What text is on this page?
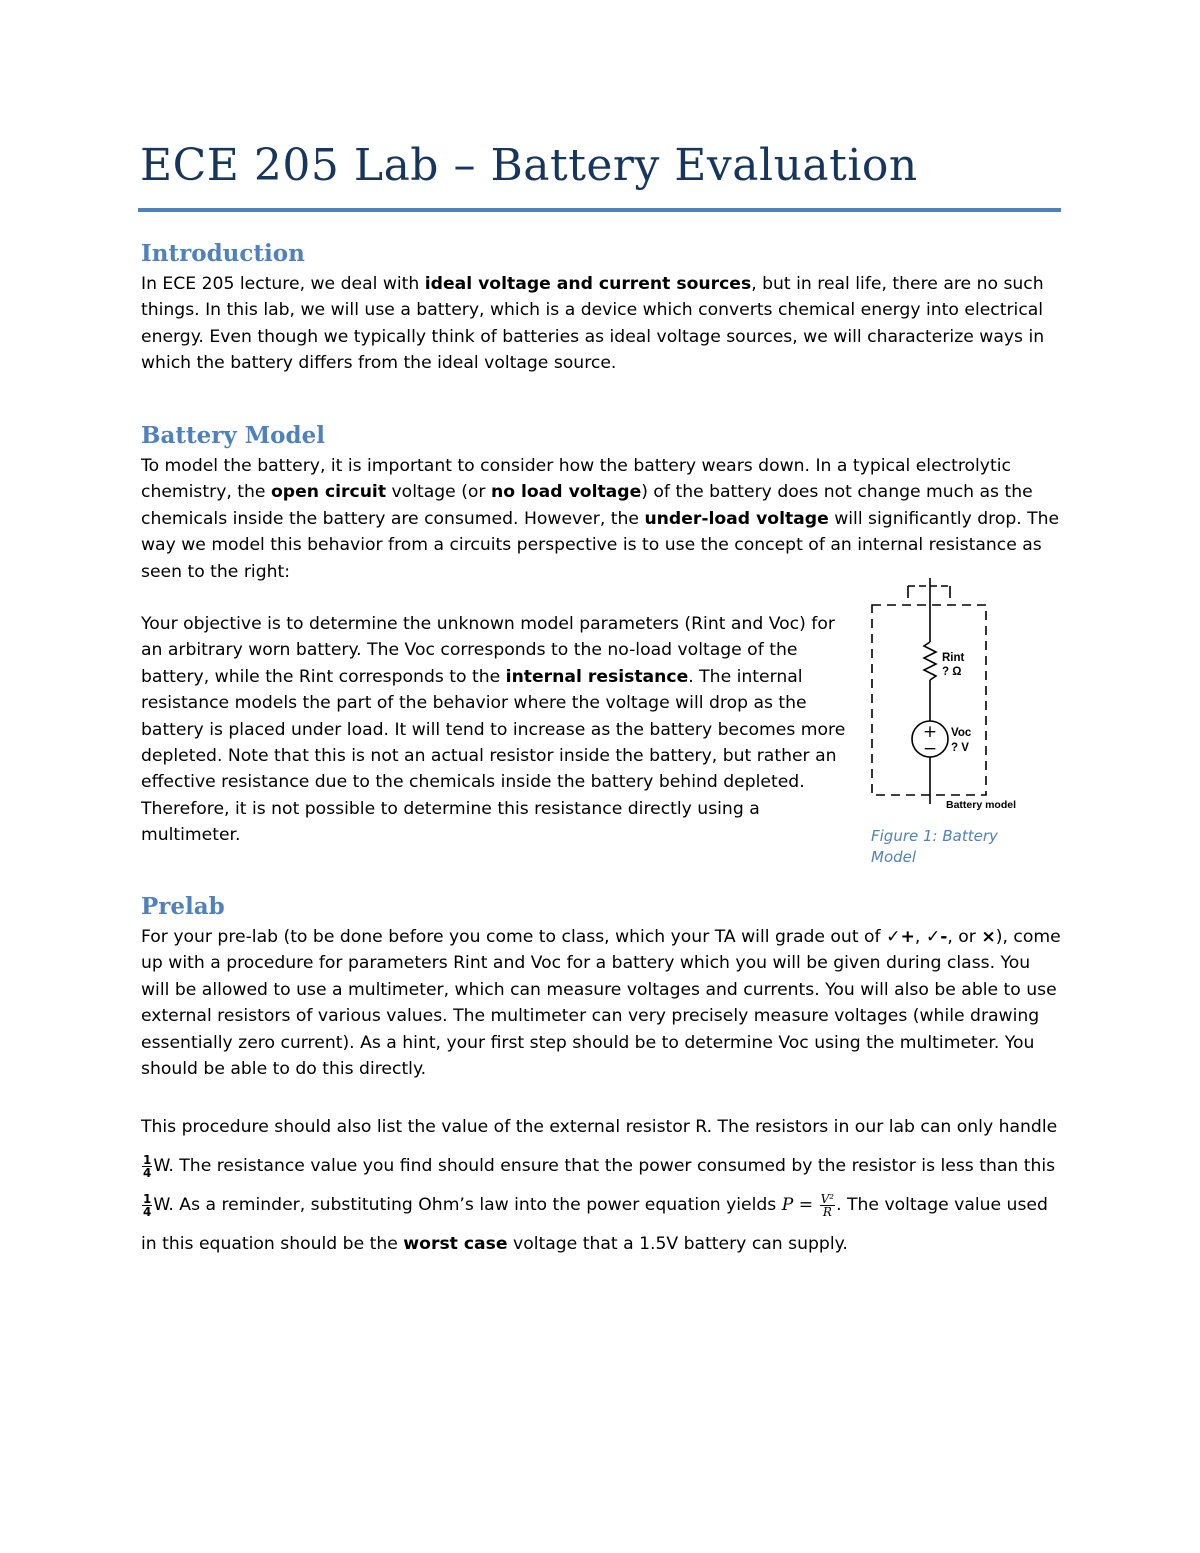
ECE 205 Lab – Battery Evaluation
Introduction

In ECE 205 lecture, we deal with ideal voltage and current sources, but in real life, there are no such things. In this lab, we will use a battery, which is a device which converts chemical energy into electrical energy. Even though we typically think of batteries as ideal voltage sources, we will characterize ways in which the battery differs from the ideal voltage source.

Battery Model

To model the battery, it is important to consider how the battery wears down. In a typical electrolytic chemistry, the open circuit voltage (or no load voltage) of the battery does not change much as the chemicals inside the battery are consumed. However, the under-load voltage will significantly drop. The way we model this behavior from a circuits perspective is to use the concept of an internal resistance as seen to the right:

Your objective is to determine the unknown model parameters (Rint and Voc) for an arbitrary worn battery. The Voc corresponds to the no-load voltage of the battery, while the Rint corresponds to the internal resistance. The internal resistance models the part of the behavior where the voltage will drop as the battery is placed under load. It will tend to increase as the battery becomes more depleted. Note that this is not an actual resistor inside the battery, but rather an effective resistance due to the chemicals inside the battery behind depleted. Therefore, it is not possible to determine this resistance directly using a multimeter.

+
−
Rint
? Ω
Voc
? V
Battery model
Figure 1: Battery Model
Prelab

For your pre-lab (to be done before you come to class, which your TA will grade out of ✓+, ✓-, or ×), come up with a procedure for parameters Rint and Voc for a battery which you will be given during class. You will be allowed to use a multimeter, which can measure voltages and currents. You will also be able to use external resistors of various values. The multimeter can very precisely measure voltages (while drawing essentially zero current). As a hint, your first step should be to determine Voc using the multimeter. You should be able to do this directly.

This procedure should also list the value of the external resistor R. The resistors in our lab can only handle
$\frac{1}{4} W$. The resistance value you find should ensure that the power consumed by the resistor is less than this
$\frac{1}{4} W$. As a reminder, substituting Ohm’s law into the power equation yields $P = \frac{\text{V²}}{R}$ . The voltage value used in this equation should be the worst case voltage that a 1.5V battery can supply.
